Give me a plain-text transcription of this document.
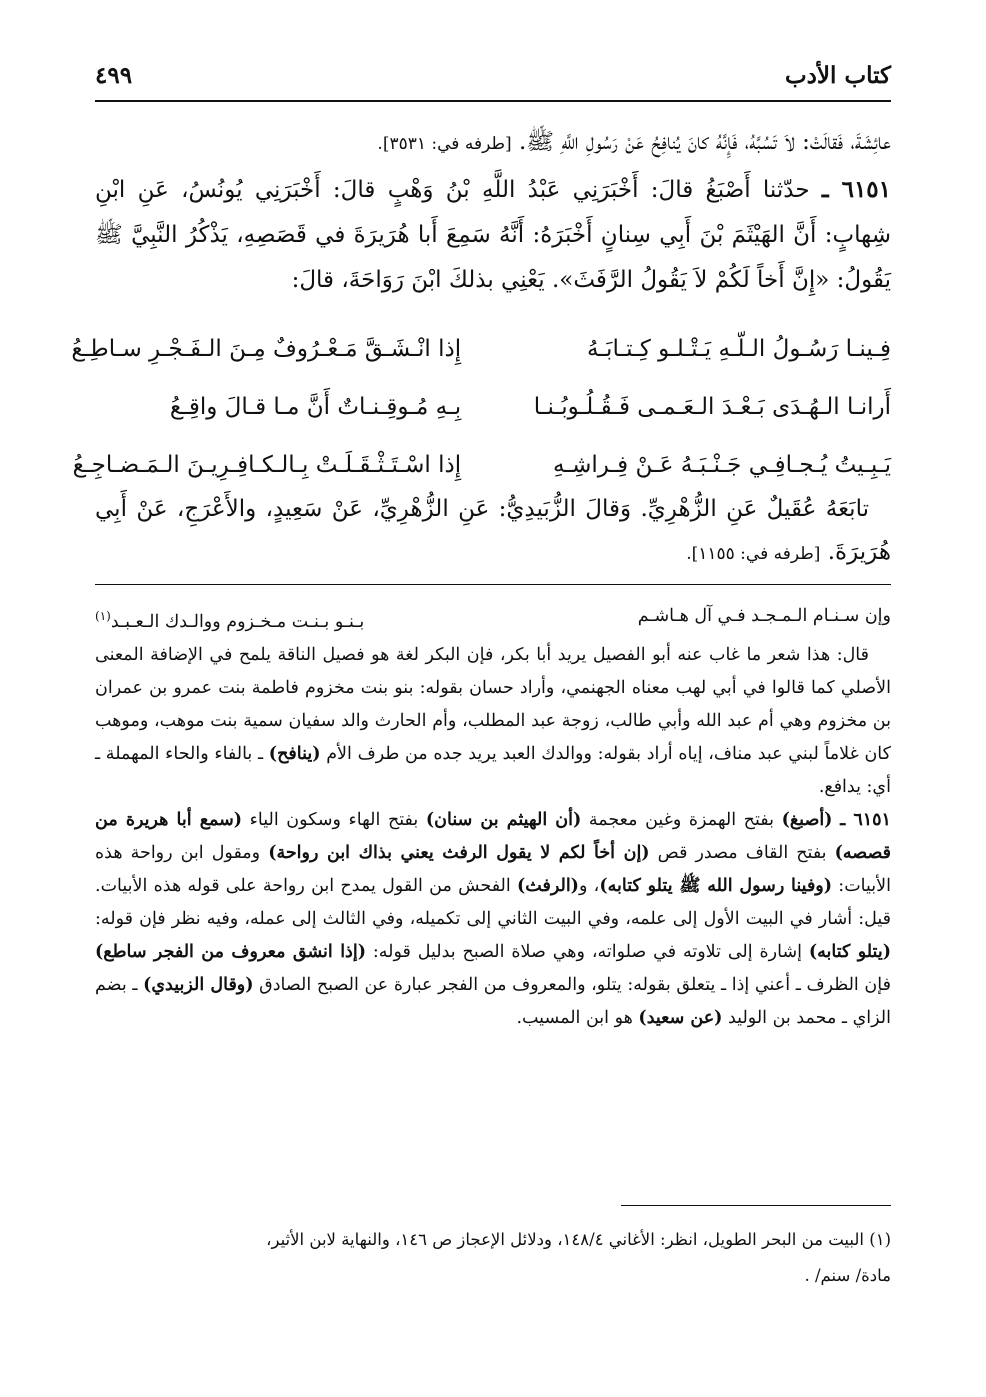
كتاب الأدب
٤٩٩

عائِشَةَ، فَقالَتْ: لاَ تَسُبَّهُ، فَإِنَّهُ كانَ يُنافِحُ عَنْ رَسُولِ اللَّهِ ﷺ. [طرفه في: ٣٥٣١].

٦١٥١ ـ حدّثنا أَصْبَغُ قالَ: أَخْبَرَنِي عَبْدُ اللَّهِ بْنُ وَهْبٍ قالَ: أَخْبَرَنِي يُونُسُ، عَنِ ابْنِ شِهابٍ: أَنَّ الهَيْثَمَ بْنَ أَبِي سِنانٍ أَخْبَرَهُ: أَنَّهُ سَمِعَ أَبا هُرَيرَةَ في قَصَصِهِ، يَذْكُرُ النَّبِيَّ ﷺ يَقُولُ: «إِنَّ أَخاً لَكُمْ لاَ يَقُولُ الرَّفَثَ». يَعْنِي بذلكَ ابْنَ رَوَاحَةَ، قالَ:

فِـينـا رَسُـولُ الـلّـهِ يَـتْـلـو كِـتـابَـهُ
إِذا انْـشَـقَّ مَـعْـرُوفٌ مِـنَ الـفَـجْـرِ سـاطِـعُ
أَرانـا الـهُـدَى بَـعْـدَ الـعَـمـى فَـقُـلُـوبُـنـا
بِـهِ مُـوقِـنـاتٌ أَنَّ مـا قـالَ واقِـعُ
يَـبِـيتُ يُـجـافِـي جَـنْـبَـهُ عَـنْ فِـراشِـهِ
إِذا اسْـتَـثْـقَـلَـتْ بِـالـكـافِـرِيـنَ الـمَـضـاجِـعُ
تابَعَهُ عُقَيلٌ عَنِ الزُّهْرِيِّ. وَقالَ الزُّبَيدِيُّ: عَنِ الزُّهْرِيِّ، عَنْ سَعِيدٍ، والأَعْرَجِ، عَنْ أَبِي هُرَيرَةَ. [طرفه في: ١١٥٥].
وإن سـنـام الـمـجـد فـي آل هـاشـم
بـنـو بـنـت مـخـزوم ووالـدك الـعـبـد$^{(١)}$

قال: هذا شعر ما غاب عنه أبو الفصيل يريد أبا بكر، فإن البكر لغة هو فصيل الناقة يلمح في الإضافة المعنى الأصلي كما قالوا في أبي لهب معناه الجهنمي، وأراد حسان بقوله: بنو بنت مخزوم فاطمة بنت عمرو بن عمران بن مخزوم وهي أم عبد الله وأبي طالب، زوجة عبد المطلب، وأم الحارث والد سفيان سمية بنت موهب، وموهب كان غلاماً لبني عبد مناف، إياه أراد بقوله: ووالدك العبد يريد جده من طرف الأم (ينافح) ـ بالفاء والحاء المهملة ـ أي: يدافع.

٦١٥١ ـ (أصبغ) بفتح الهمزة وغين معجمة (أن الهيثم بن سنان) بفتح الهاء وسكون الياء (سمع أبا هريرة من قصصه) بفتح القاف مصدر قص (إن أخاً لكم لا يقول الرفث يعني بذاك ابن رواحة) ومقول ابن رواحة هذه الأبيات: (وفينا رسول الله ﷺ يتلو كتابه)، و(الرفث) الفحش من القول يمدح ابن رواحة على قوله هذه الأبيات. قيل: أشار في البيت الأول إلى علمه، وفي البيت الثاني إلى تكميله، وفي الثالث إلى عمله، وفيه نظر فإن قوله: (يتلو كتابه) إشارة إلى تلاوته في صلواته، وهي صلاة الصبح بدليل قوله: (إذا انشق معروف من الفجر ساطع) فإن الظرف ـ أعني إذا ـ يتعلق بقوله: يتلو، والمعروف من الفجر عبارة عن الصبح الصادق (وقال الزبيدي) ـ بضم الزاي ـ محمد بن الوليد (عن سعيد) هو ابن المسيب.

(١) البيت من البحر الطويل، انظر: الأغاني ١٤٨/٤، ودلائل الإعجاز ص ١٤٦، والنهاية لابن الأثير،

مادة/ سنم/ .
